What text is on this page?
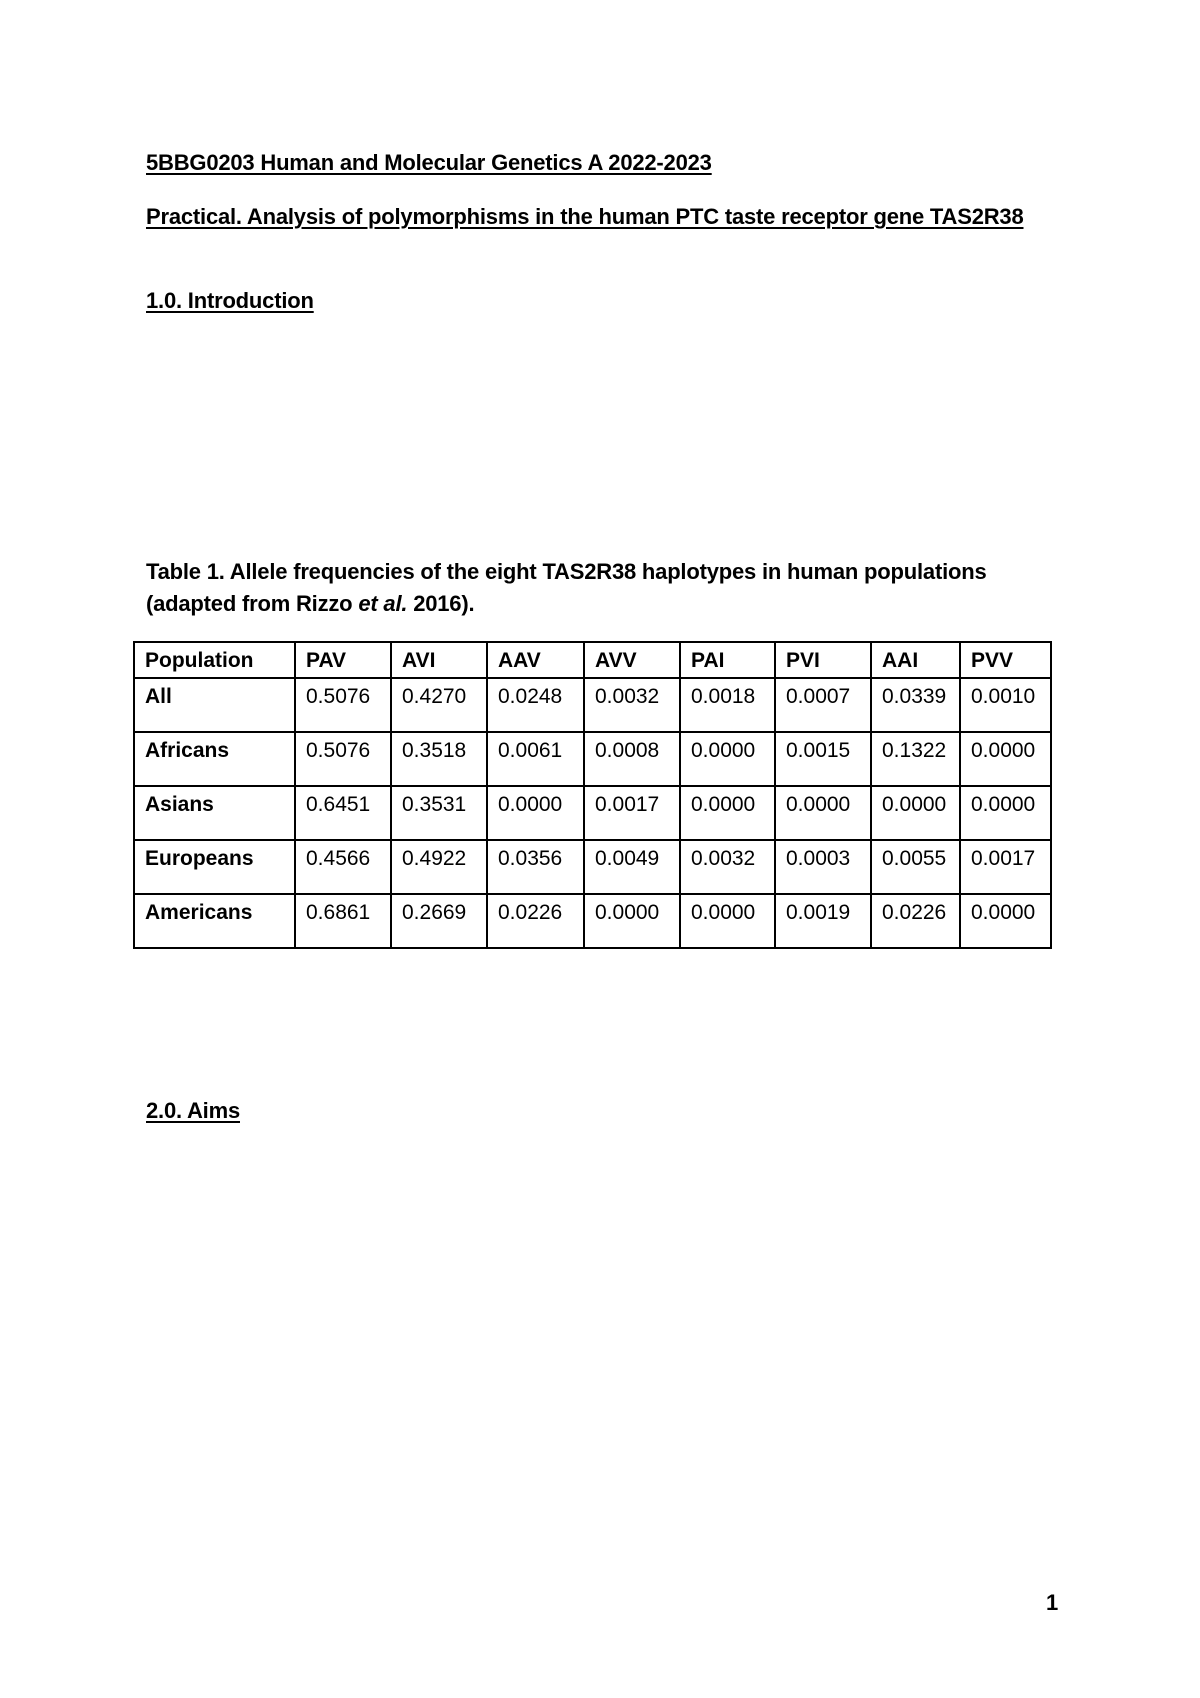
5BBG0203 Human and Molecular Genetics A 2022-2023
Practical. Analysis of polymorphisms in the human PTC taste receptor gene TAS2R38
1.0. Introduction
Table 1. Allele frequencies of the eight TAS2R38 haplotypes in human populations (adapted from Rizzo et al. 2016).
Population	PAV	AVI	AAV	AVV	PAI	PVI	AAI	PVV
All	0.5076	0.4270	0.0248	0.0032	0.0018	0.0007	0.0339	0.0010
Africans	0.5076	0.3518	0.0061	0.0008	0.0000	0.0015	0.1322	0.0000
Asians	0.6451	0.3531	0.0000	0.0017	0.0000	0.0000	0.0000	0.0000
Europeans	0.4566	0.4922	0.0356	0.0049	0.0032	0.0003	0.0055	0.0017
Americans	0.6861	0.2669	0.0226	0.0000	0.0000	0.0019	0.0226	0.0000
2.0. Aims
1
